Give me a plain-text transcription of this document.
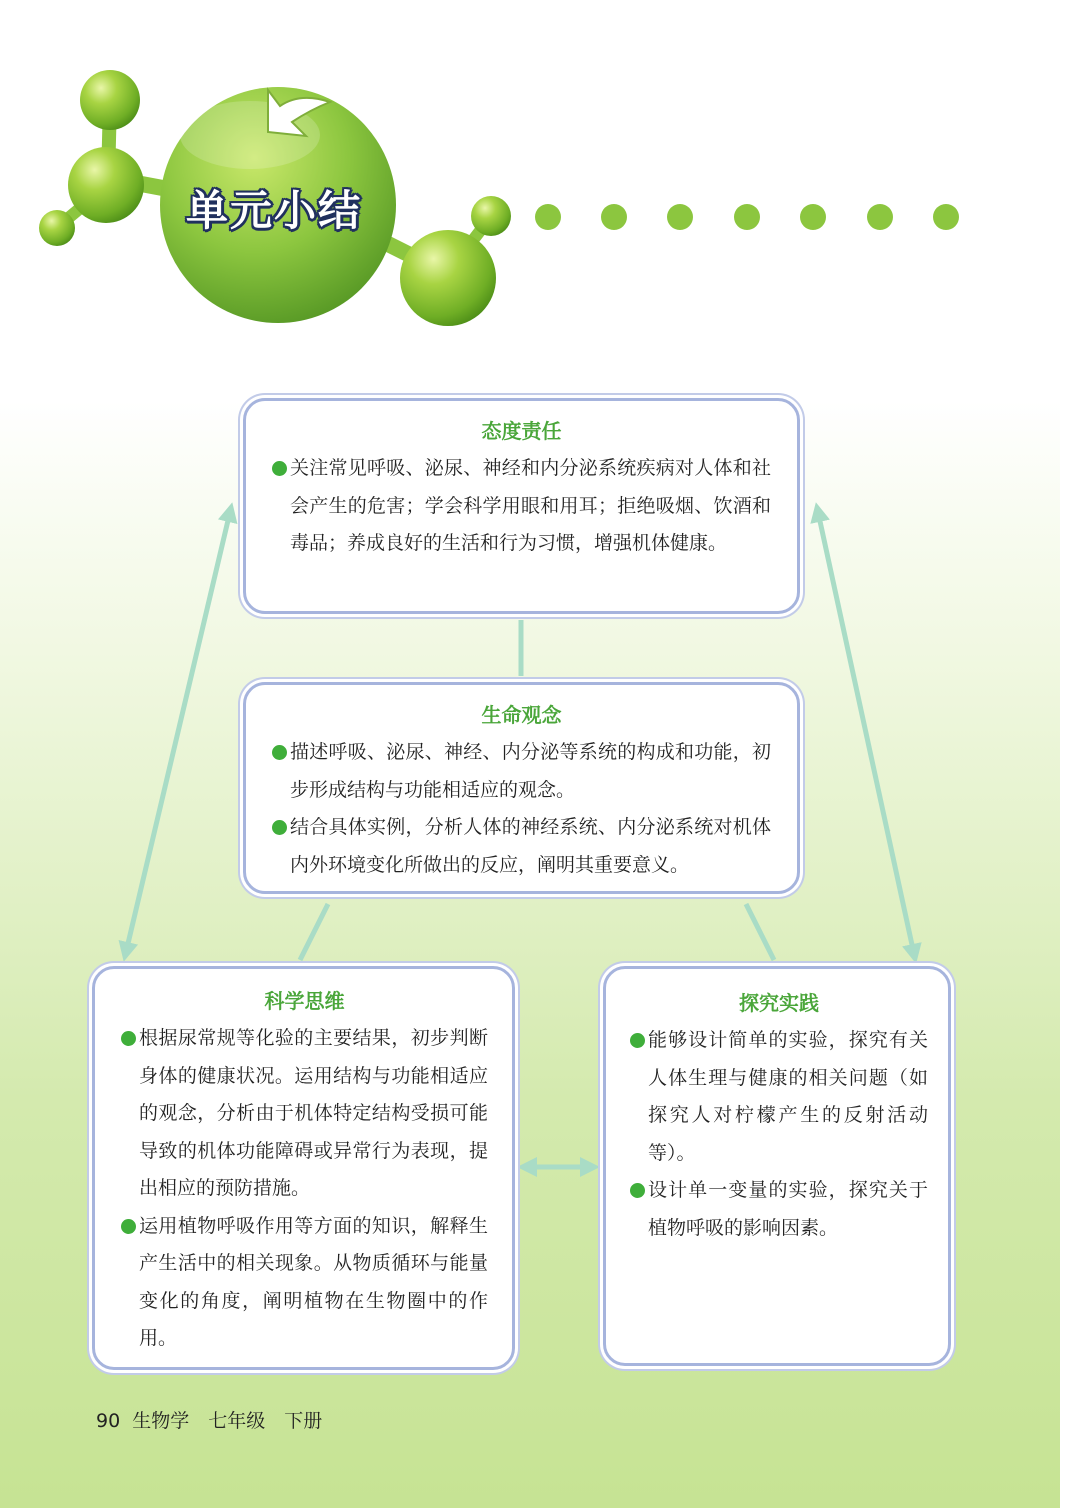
单元小结
态度责任
关注常见呼吸、泌尿、神经和内分泌系统疾病对人体和社会产生的危害；学会科学用眼和用耳；拒绝吸烟、饮酒和毒品；养成良好的生活和行为习惯，增强机体健康。
生命观念
描述呼吸、泌尿、神经、内分泌等系统的构成和功能，初步形成结构与功能相适应的观念。
结合具体实例，分析人体的神经系统、内分泌系统对机体内外环境变化所做出的反应，阐明其重要意义。
科学思维
根据尿常规等化验的主要结果，初步判断身体的健康状况。运用结构与功能相适应的观念，分析由于机体特定结构受损可能导致的机体功能障碍或异常行为表现，提出相应的预防措施。
运用植物呼吸作用等方面的知识，解释生产生活中的相关现象。从物质循环与能量变化的角度，阐明植物在生物圈中的作用。
探究实践
能够设计简单的实验，探究有关人体生理与健康的相关问题（如探究人对柠檬产生的反射活动等）。
设计单一变量的实验，探究关于植物呼吸的影响因素。
90 生物学　七年级　下册
